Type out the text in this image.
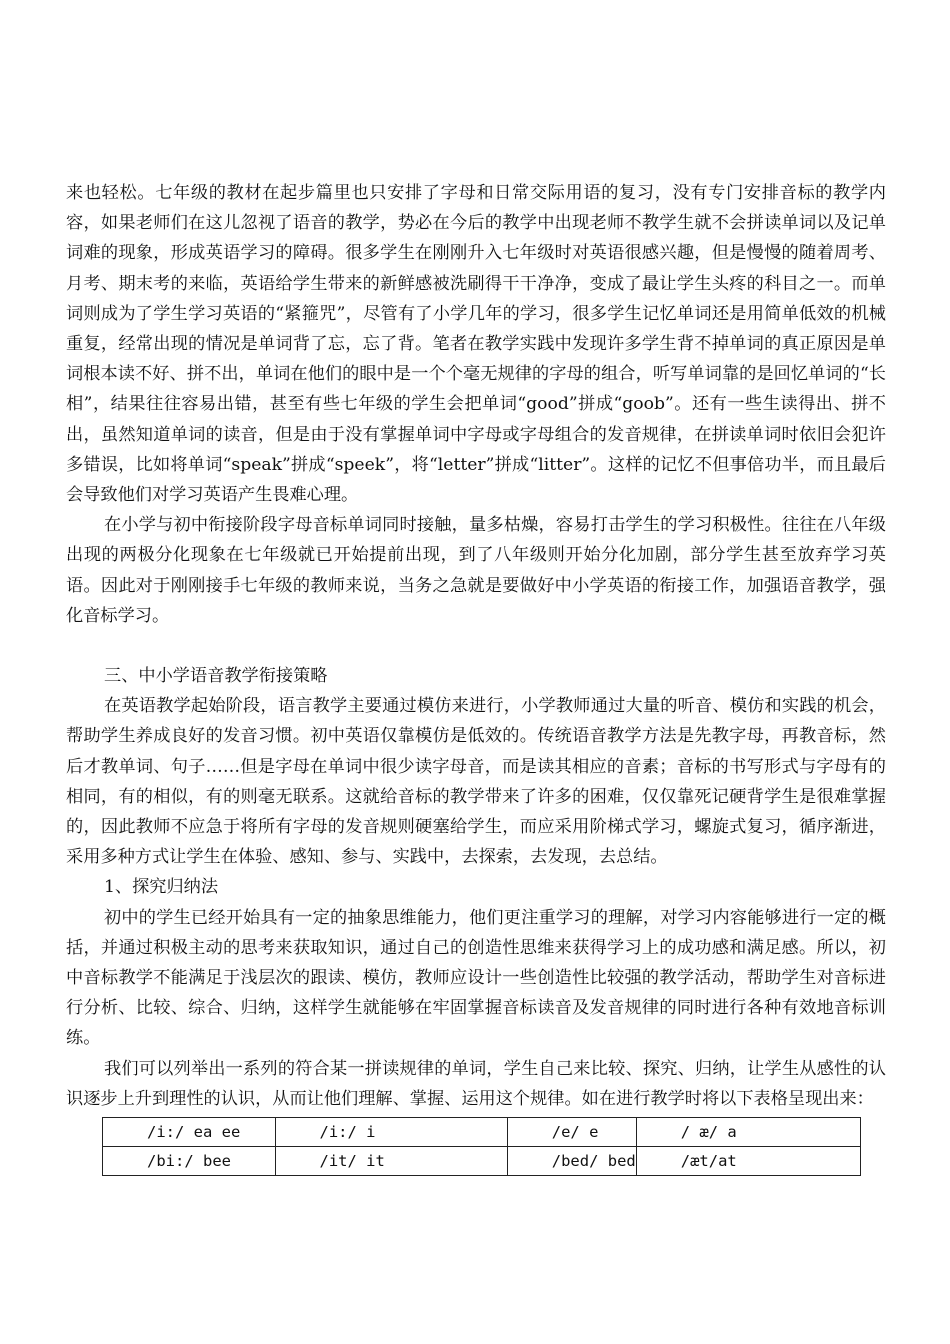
来也轻松。七年级的教材在起步篇里也只安排了字母和日常交际用语的复习，没有专门安排音标的教学内容，如果老师们在这儿忽视了语音的教学，势必在今后的教学中出现老师不教学生就不会拼读单词以及记单词难的现象，形成英语学习的障碍。很多学生在刚刚升入七年级时对英语很感兴趣，但是慢慢的随着周考、月考、期末考的来临，英语给学生带来的新鲜感被洗刷得干干净净，变成了最让学生头疼的科目之一。而单词则成为了学生学习英语的“紧箍咒”，尽管有了小学几年的学习，很多学生记忆单词还是用简单低效的机械重复，经常出现的情况是单词背了忘，忘了背。笔者在教学实践中发现许多学生背不掉单词的真正原因是单词根本读不好、拼不出，单词在他们的眼中是一个个毫无规律的字母的组合，听写单词靠的是回忆单词的“长相”，结果往往容易出错，甚至有些七年级的学生会把单词“good”拼成“goob”。还有一些生读得出、拼不出，虽然知道单词的读音，但是由于没有掌握单词中字母或字母组合的发音规律，在拼读单词时依旧会犯许多错误，比如将单词“speak”拼成“speek”，将“letter”拼成“litter”。这样的记忆不但事倍功半，而且最后会导致他们对学习英语产生畏难心理。

在小学与初中衔接阶段字母音标单词同时接触，量多枯燥，容易打击学生的学习积极性。往往在八年级出现的两极分化现象在七年级就已开始提前出现，到了八年级则开始分化加剧，部分学生甚至放弃学习英语。因此对于刚刚接手七年级的教师来说，当务之急就是要做好中小学英语的衔接工作，加强语音教学，强化音标学习。

三、中小学语音教学衔接策略

在英语教学起始阶段，语言教学主要通过模仿来进行，小学教师通过大量的听音、模仿和实践的机会，帮助学生养成良好的发音习惯。初中英语仅靠模仿是低效的。传统语音教学方法是先教字母，再教音标，然后才教单词、句子……但是字母在单词中很少读字母音，而是读其相应的音素；音标的书写形式与字母有的相同，有的相似，有的则毫无联系。这就给音标的教学带来了许多的困难，仅仅靠死记硬背学生是很难掌握的，因此教师不应急于将所有字母的发音规则硬塞给学生，而应采用阶梯式学习，螺旋式复习，循序渐进，采用多种方式让学生在体验、感知、参与、实践中，去探索，去发现，去总结。

1、探究归纳法

初中的学生已经开始具有一定的抽象思维能力，他们更注重学习的理解，对学习内容能够进行一定的概括，并通过积极主动的思考来获取知识，通过自己的创造性思维来获得学习上的成功感和满足感。所以，初中音标教学不能满足于浅层次的跟读、模仿，教师应设计一些创造性比较强的教学活动，帮助学生对音标进行分析、比较、综合、归纳，这样学生就能够在牢固掌握音标读音及发音规律的同时进行各种有效地音标训练。

我们可以列举出一系列的符合某一拼读规律的单词，学生自己来比较、探究、归纳，让学生从感性的认识逐步上升到理性的认识，从而让他们理解、掌握、运用这个规律。如在进行教学时将以下表格呈现出来：

/i:/ ea ee	/i:/ i	/e/ e	/ æ/ a
/bi:/ bee	/it/ it	/bed/ bed	/æt/at
